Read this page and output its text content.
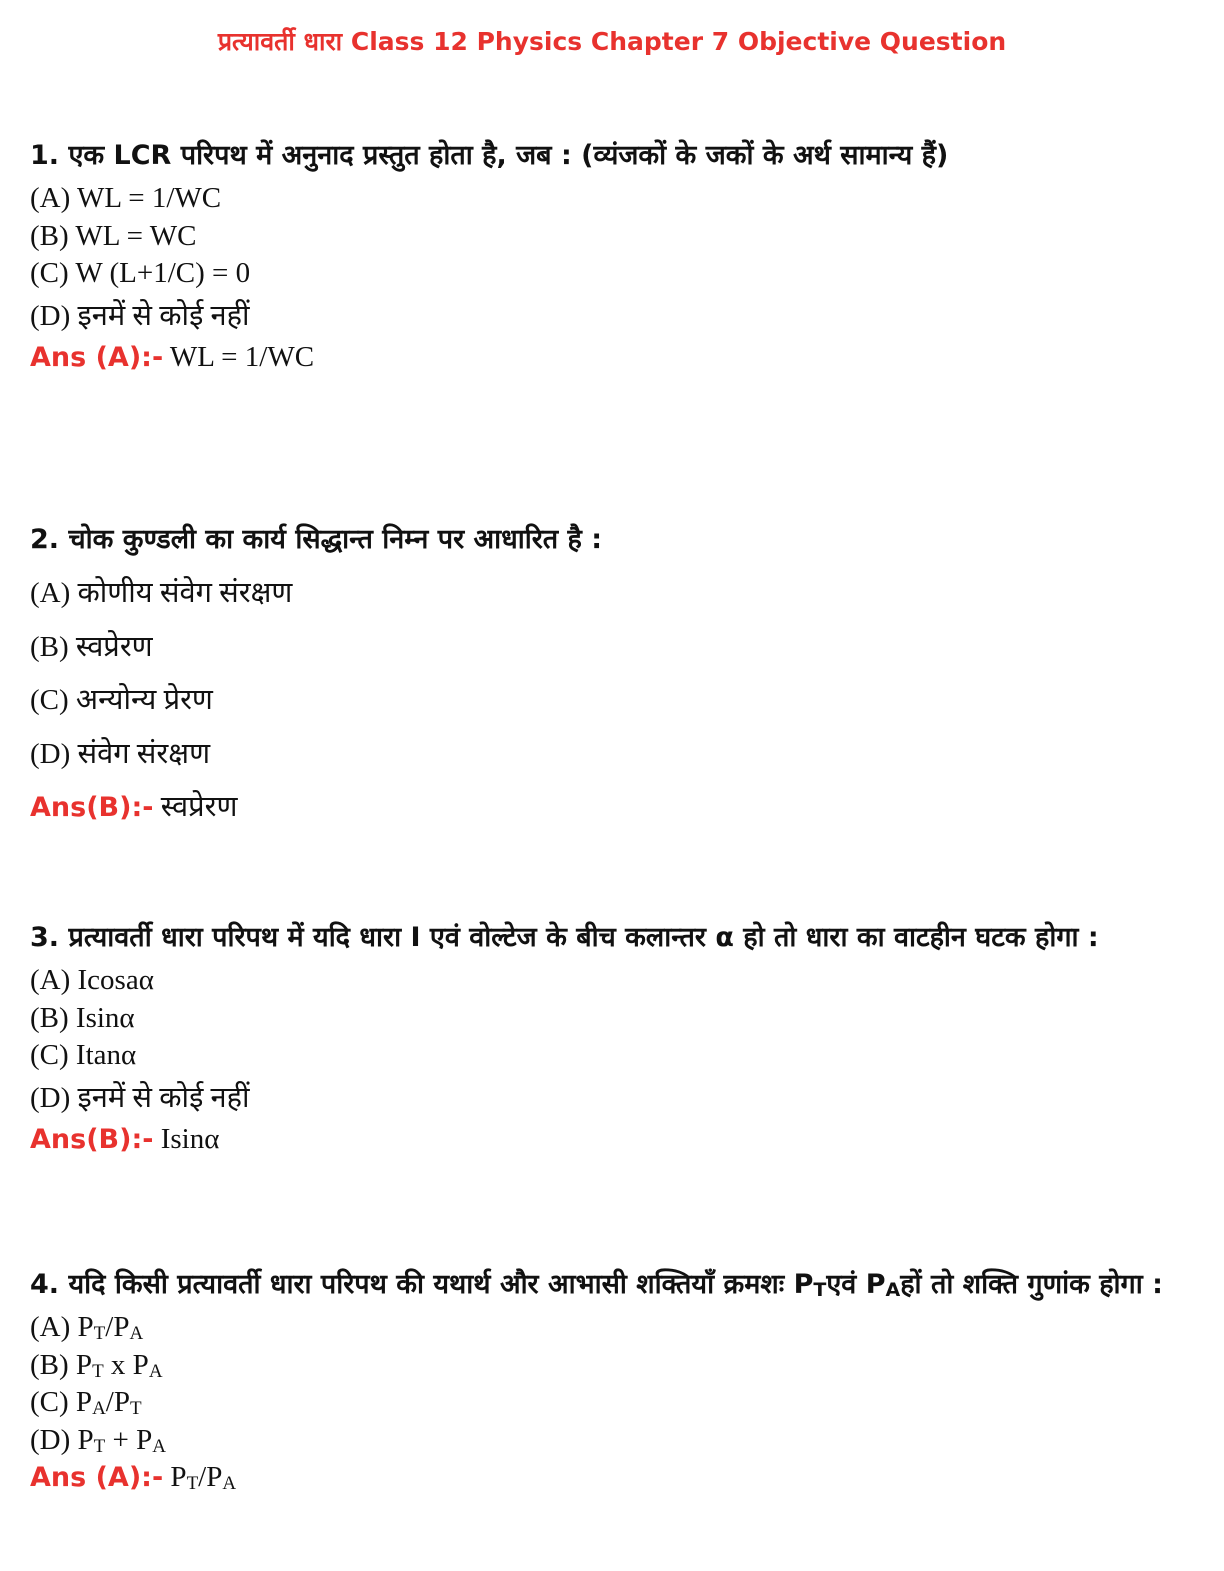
प्रत्यावर्ती धारा Class 12 Physics Chapter 7 Objective Question

1. एक LCR परिपथ में अनुनाद प्रस्तुत होता है, जब : (व्यंजकों के जकों के अर्थ सामान्य हैं)

(A) WL = 1/WC

(B) WL = WC

(C) W (L+1/C) = 0

(D) इनमें से कोई नहीं

Ans (A):- WL = 1/WC

2. चोक कुण्डली का कार्य सिद्धान्त निम्न पर आधारित है :

(A) कोणीय संवेग संरक्षण

(B) स्वप्रेरण

(C) अन्योन्य प्रेरण

(D) संवेग संरक्षण

Ans(B):- स्वप्रेरण

3. प्रत्यावर्ती धारा परिपथ में यदि धारा I एवं वोल्टेज के बीच कलान्तर α हो तो धारा का वाटहीन घटक होगा :

(A) Icosaα

(B) Isinα

(C) Itanα

(D) इनमें से कोई नहीं

Ans(B):- Isinα

4. यदि किसी प्रत्यावर्ती धारा परिपथ की यथार्थ और आभासी शक्तियाँ क्रमशः PTएवं PAहों तो शक्ति गुणांक होगा :

(A) PT/PA

(B) PT x PA

(C) PA/PT

(D) PT + PA

Ans (A):- PT/PA
